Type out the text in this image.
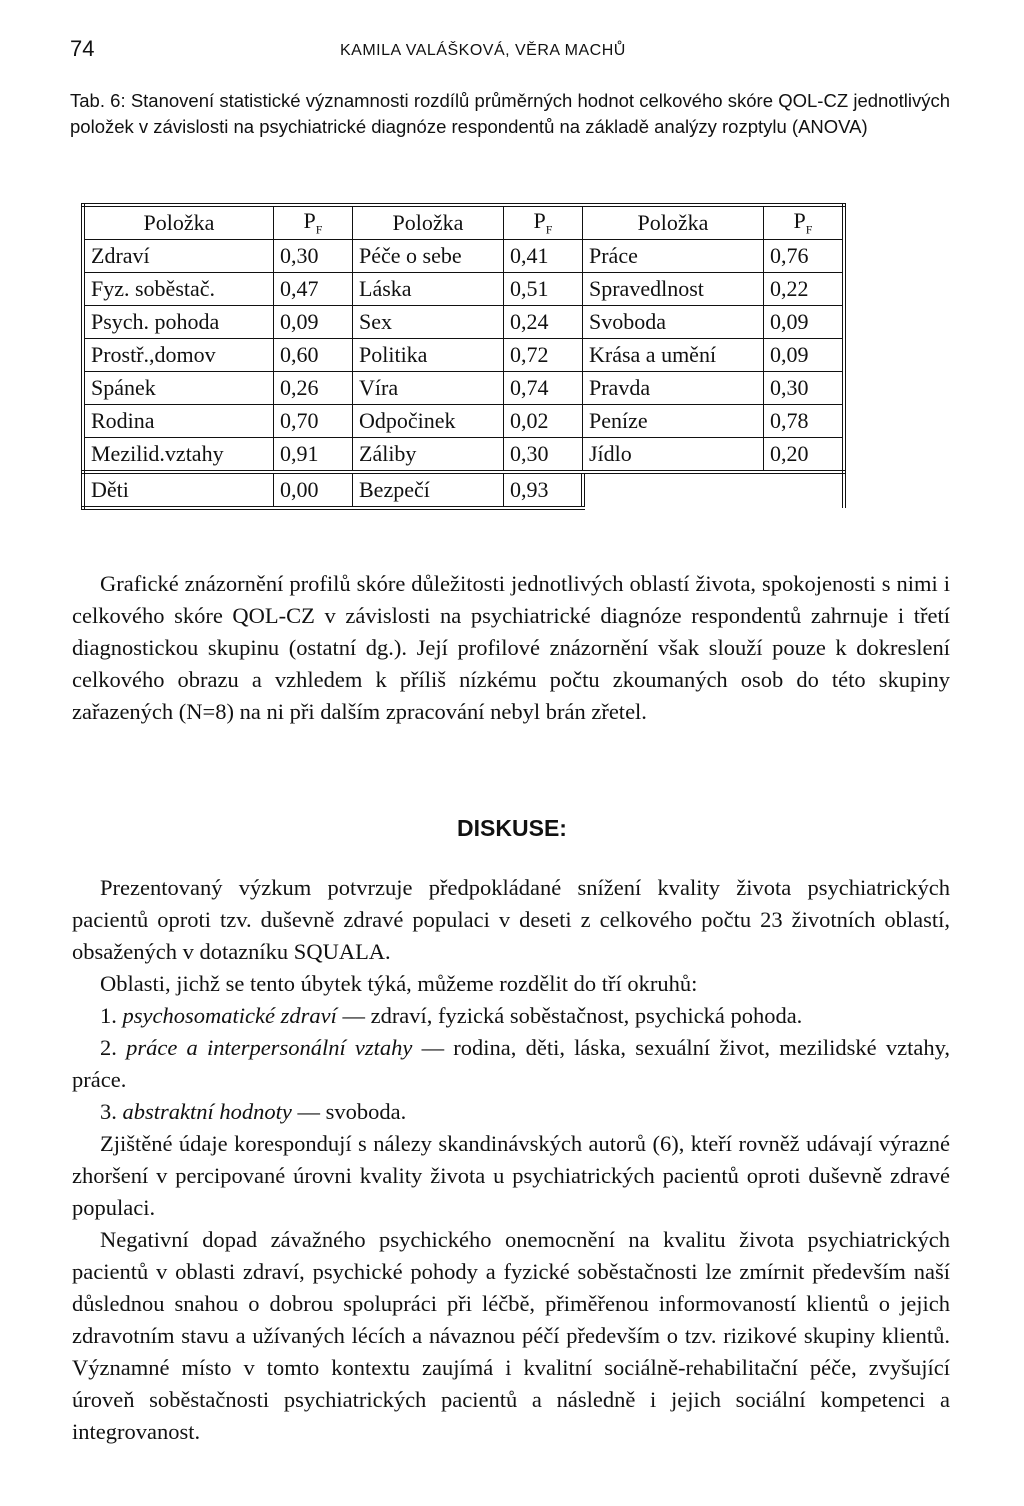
74	KAMILA VALÁŠKOVÁ, VĚRA MACHŮ
Tab. 6: Stanovení statistické významnosti rozdílů průměrných hodnot celkového skóre QOL-CZ jednotlivých položek v závislosti na psychiatrické diagnóze respondentů na základě analýzy rozptylu (ANOVA)
Položka	$P_F$	Položka	$P_F$	Položka	$P_F$
Zdraví	0,30	Péče o sebe	0,41	Práce	0,76
Fyz. soběstač.	0,47	Láska	0,51	Spravedlnost	0,22
Psych. pohoda	0,09	Sex	0,24	Svoboda	0,09
Prostř.,domov	0,60	Politika	0,72	Krása a umění	0,09
Spánek	0,26	Víra	0,74	Pravda	0,30
Rodina	0,70	Odpočinek	0,02	Peníze	0,78
Mezilid.vztahy	0,91	Záliby	0,30	Jídlo	0,20
Děti	0,00	Bezpečí	0,93		
Grafické znázornění profilů skóre důležitosti jednotlivých oblastí života, spokojenosti s nimi i celkového skóre QOL-CZ v závislosti na psychiatrické diagnóze respondentů zahrnuje i třetí diagnostickou skupinu (ostatní dg.). Její profilové znázornění však slouží pouze k dokreslení celkového obrazu a vzhledem k příliš nízkému počtu zkoumaných osob do této skupiny zařazených (N=8) na ni při dalším zpracování nebyl brán zřetel.
DISKUSE:
Prezentovaný výzkum potvrzuje předpokládané snížení kvality života psychiatrických pacientů oproti tzv. duševně zdravé populaci v deseti z celkového počtu 23 životních oblastí, obsažených v dotazníku SQUALA.
Oblasti, jichž se tento úbytek týká, můžeme rozdělit do tří okruhů:
1. psychosomatické zdraví — zdraví, fyzická soběstačnost, psychická pohoda.
2. práce a interpersonální vztahy — rodina, děti, láska, sexuální život, mezilidské vztahy, práce.
3. abstraktní hodnoty — svoboda.
Zjištěné údaje korespondují s nálezy skandinávských autorů (6), kteří rovněž udávají výrazné zhoršení v percipované úrovni kvality života u psychiatrických pacientů oproti duševně zdravé populaci.
Negativní dopad závažného psychického onemocnění na kvalitu života psychiatrických pacientů v oblasti zdraví, psychické pohody a fyzické soběstačnosti lze zmírnit především naší důslednou snahou o dobrou spolupráci při léčbě, přiměřenou informovaností klientů o jejich zdravotním stavu a užívaných lécích a návaznou péčí především o tzv. rizikové skupiny klientů. Významné místo v tomto kontextu zaujímá i kvalitní sociálně-rehabilitační péče, zvyšující úroveň soběstačnosti psychiatrických pacientů a následně i jejich sociální kompetenci a integrovanost.
